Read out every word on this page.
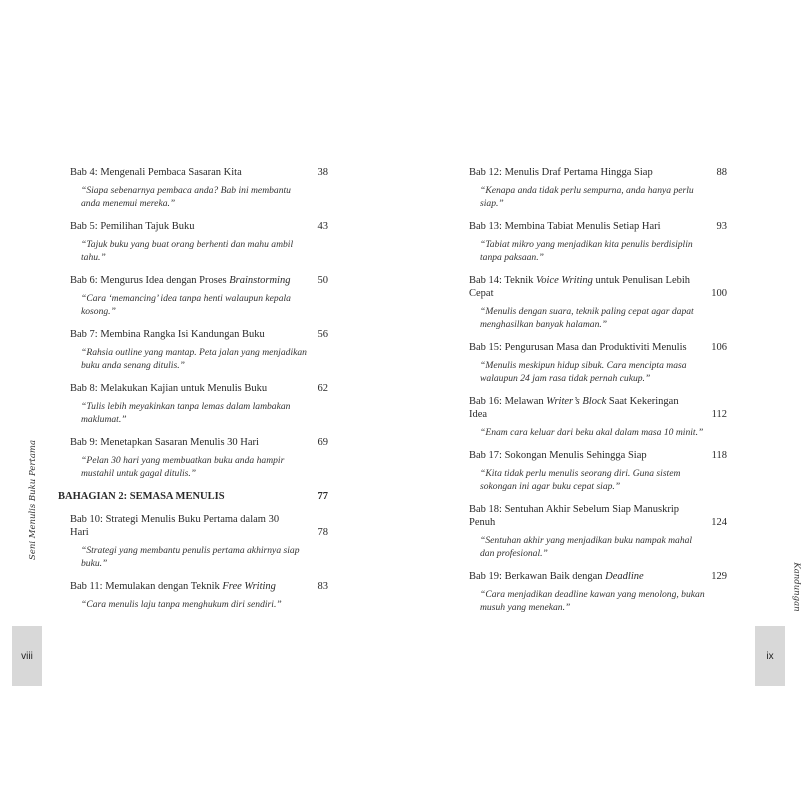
Bab 4: Mengenali Pembaca Sasaran Kita	38
“Siapa sebenarnya pembaca anda? Bab ini membantu anda menemui mereka.”
Bab 5: Pemilihan Tajuk Buku	43
“Tajuk buku yang buat orang berhenti dan mahu ambil tahu.”
Bab 6: Mengurus Idea dengan Proses Brainstorming	50
“Cara ‘memancing’ idea tanpa henti walaupun kepala kosong.”
Bab 7: Membina Rangka Isi Kandungan Buku	56
“Rahsia outline yang mantap. Peta jalan yang menjadikan buku anda senang ditulis.”
Bab 8: Melakukan Kajian untuk Menulis Buku	62
“Tulis lebih meyakinkan tanpa lemas dalam lambakan maklumat.”
Bab 9: Menetapkan Sasaran Menulis 30 Hari	69
“Pelan 30 hari yang membuatkan buku anda hampir mustahil untuk gagal ditulis.”
BAHAGIAN 2: SEMASA MENULIS	77
Bab 10: Strategi Menulis Buku Pertama dalam 30 Hari	78
“Strategi yang membantu penulis pertama akhirnya siap buku.”
Bab 11: Memulakan dengan Teknik Free Writing	83
“Cara menulis laju tanpa menghukum diri sendiri.”
Seni Menulis Buku Pertama
viii
Bab 12: Menulis Draf Pertama Hingga Siap	88
“Kenapa anda tidak perlu sempurna, anda hanya perlu siap.”
Bab 13: Membina Tabiat Menulis Setiap Hari	93
“Tabiat mikro yang menjadikan kita penulis berdisiplin tanpa paksaan.”
Bab 14: Teknik Voice Writing untuk Penulisan Lebih Cepat	100
“Menulis dengan suara, teknik paling cepat agar dapat menghasilkan banyak halaman.”
Bab 15: Pengurusan Masa dan Produktiviti Menulis	106
“Menulis meskipun hidup sibuk. Cara mencipta masa walaupun 24 jam rasa tidak pernah cukup.”
Bab 16: Melawan Writer’s Block Saat Kekeringan Idea	112
“Enam cara keluar dari beku akal dalam masa 10 minit.”
Bab 17: Sokongan Menulis Sehingga Siap	118
“Kita tidak perlu menulis seorang diri. Guna sistem sokongan ini agar buku cepat siap.”
Bab 18: Sentuhan Akhir Sebelum Siap Manuskrip Penuh	124
“Sentuhan akhir yang menjadikan buku nampak mahal dan profesional.”
Bab 19: Berkawan Baik dengan Deadline	129
“Cara menjadikan deadline kawan yang menolong, bukan musuh yang menekan.”	Kandungan
ix
